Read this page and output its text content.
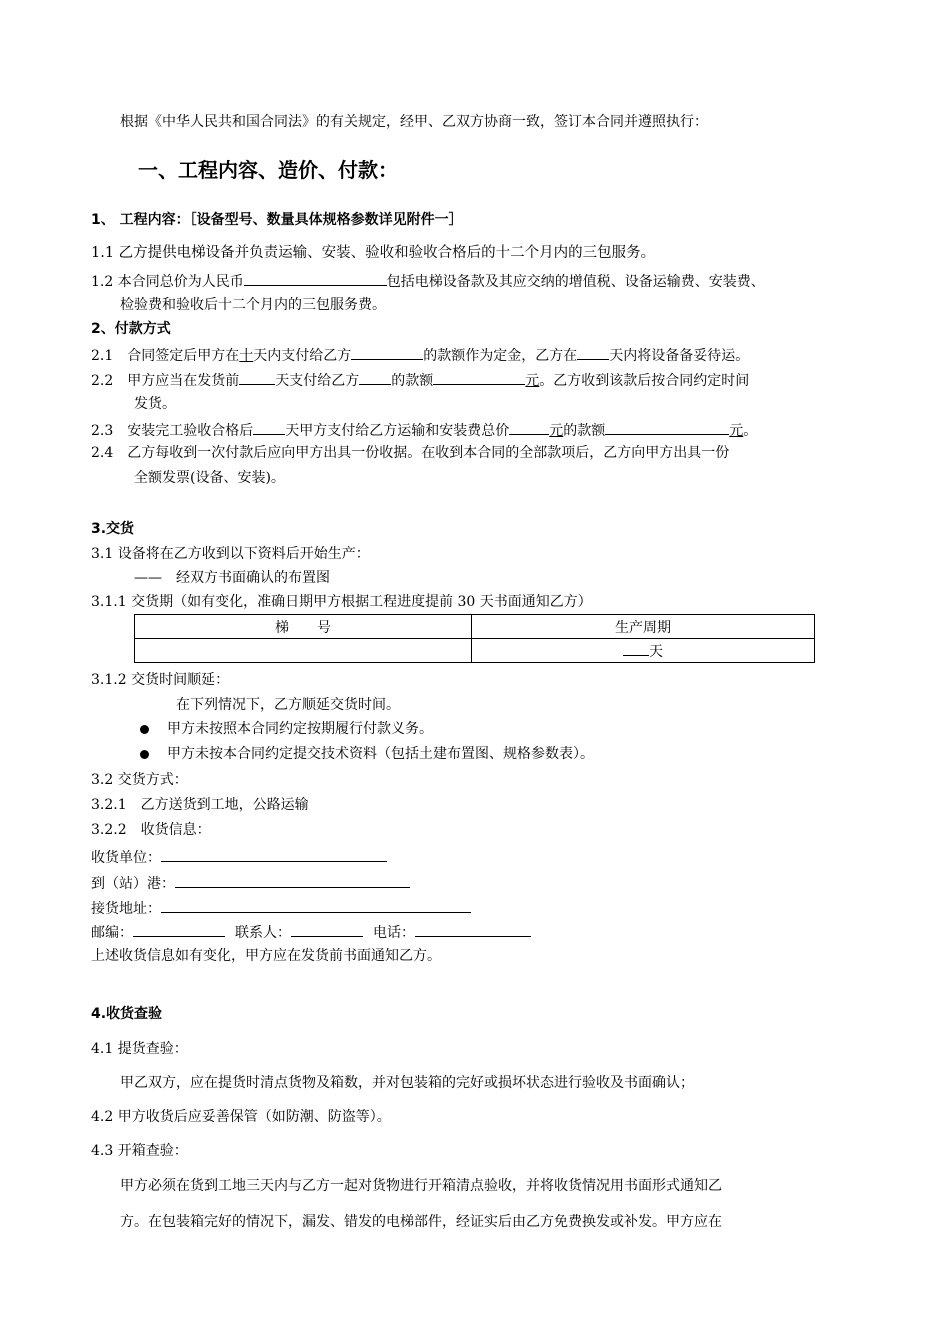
根据《中华人民共和国合同法》的有关规定，经甲、乙双方协商一致，签订本合同并遵照执行：
一、工程内容、造价、付款：
1、 工程内容：［设备型号、数量具体规格参数详见附件一］
1.1 乙方提供电梯设备并负责运输、安装、验收和验收合格后的十二个月内的三包服务。
1.2 本合同总价为人民币	包括电梯设备款及其应交纳的增值税、设备运输费、安装费、
检验费和验收后十二个月内的三包服务费。
2、付款方式
2.1　合同签定后甲方在十天内支付给乙方	的款额作为定金，乙方在 天内将设备备妥待运。
2.2　甲方应当在发货前	天支付给乙方 的款额	元。乙方收到该款后按合同约定时间
发货。
2.3　安装完工验收合格后 天甲方支付给乙方运输和安装费总价	元的款额	元。
2.4　乙方每收到一次付款后应向甲方出具一份收据。在收到本合同的全部款项后，乙方向甲方出具一份
全额发票(设备、安装)。
3.交货
3.1 设备将在乙方收到以下资料后开始生产：
——　经双方书面确认的布置图
3.1.1 交货期（如有变化，准确日期甲方根据工程进度提前 30 天书面通知乙方）
梯　　号	生产周期
	天
3.1.2 交货时间顺延：
在下列情况下，乙方顺延交货时间。
甲方未按照本合同约定按期履行付款义务。
甲方未按本合同约定提交技术资料（包括土建布置图、规格参数表）。
3.2 交货方式：
3.2.1　乙方送货到工地，公路运输
3.2.2　收货信息：
收货单位：
到（站）港：
接货地址：
邮编：	联系人：	电话：
上述收货信息如有变化，甲方应在发货前书面通知乙方。
4.收货查验
4.1 提货查验：
甲乙双方，应在提货时清点货物及箱数，并对包装箱的完好或损坏状态进行验收及书面确认；
4.2 甲方收货后应妥善保管（如防潮、防盗等）。
4.3 开箱查验：
甲方必须在货到工地三天内与乙方一起对货物进行开箱清点验收，并将收货情况用书面形式通知乙
方。在包装箱完好的情况下，漏发、错发的电梯部件，经证实后由乙方免费换发或补发。甲方应在
